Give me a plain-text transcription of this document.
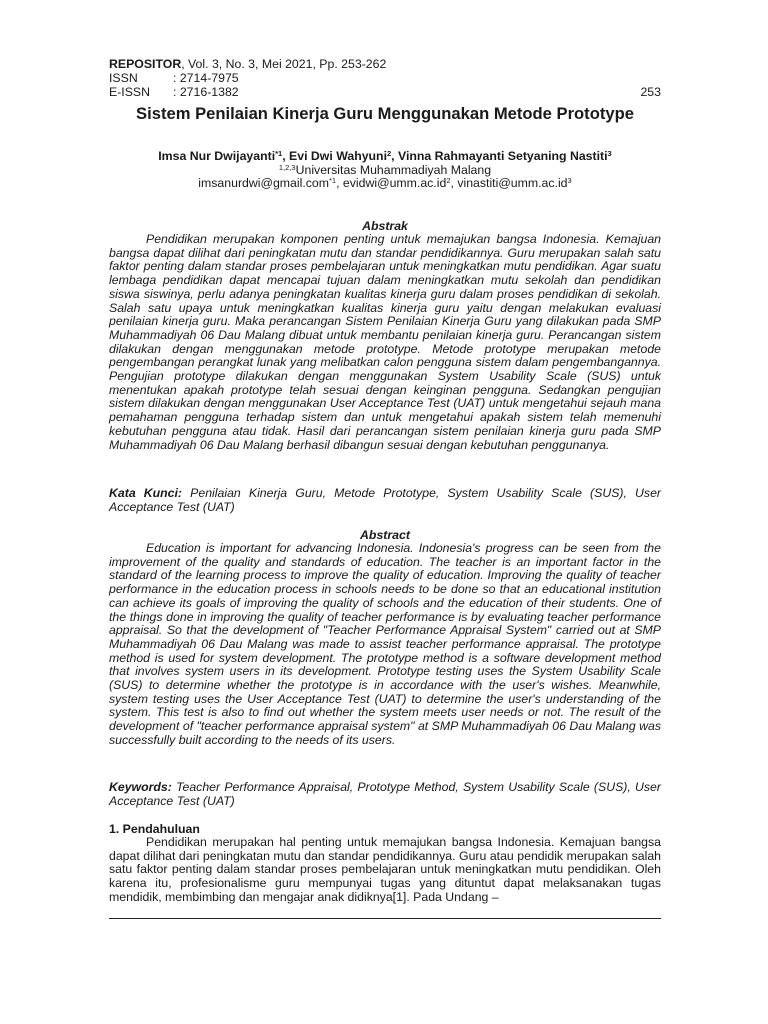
REPOSITOR, Vol. 3, No. 3, Mei 2021, Pp. 253-262
ISSN	: 2714-7975
E-ISSN : 2716-1382	253
Sistem Penilaian Kinerja Guru Menggunakan Metode Prototype
Imsa Nur Dwijayanti$^{*1}$, Evi Dwi Wahyuni$^2$, Vinna Rahmayanti Setyaning Nastiti$^3$
$^{1,2,3}$Universitas Muhammadiyah Malang
imsanurdwi@gmail.com$^{*1}$, $evidwi@umm.ac.id^2$, $vinastiti@umm.ac.id^3$
Abstrak

Pendidikan merupakan komponen penting untuk memajukan bangsa Indonesia. Kemajuan bangsa dapat dilihat dari peningkatan mutu dan standar pendidikannya. Guru merupakan salah satu faktor penting dalam standar proses pembelajaran untuk meningkatkan mutu pendidikan. Agar suatu lembaga pendidikan dapat mencapai tujuan dalam meningkatkan mutu sekolah dan pendidikan siswa siswinya, perlu adanya peningkatan kualitas kinerja guru dalam proses pendidikan di sekolah. Salah satu upaya untuk meningkatkan kualitas kinerja guru yaitu dengan melakukan evaluasi penilaian kinerja guru. Maka perancangan Sistem Penilaian Kinerja Guru yang dilakukan pada SMP Muhammadiyah 06 Dau Malang dibuat untuk membantu penilaian kinerja guru. Perancangan sistem dilakukan dengan menggunakan metode prototype. Metode prototype merupakan metode pengembangan perangkat lunak yang melibatkan calon pengguna sistem dalam pengembangannya. Pengujian prototype dilakukan dengan menggunakan System Usability Scale (SUS) untuk menentukan apakah prototype telah sesuai dengan keinginan pengguna. Sedangkan pengujian sistem dilakukan dengan menggunakan User Acceptance Test (UAT) untuk mengetahui sejauh mana pemahaman pengguna terhadap sistem dan untuk mengetahui apakah sistem telah memenuhi kebutuhan pengguna atau tidak. Hasil dari perancangan sistem penilaian kinerja guru pada SMP Muhammadiyah 06 Dau Malang berhasil dibangun sesuai dengan kebutuhan penggunanya.

Kata Kunci: Penilaian Kinerja Guru, Metode Prototype, System Usability Scale (SUS), User Acceptance Test (UAT)
Abstract

Education is important for advancing Indonesia. Indonesia's progress can be seen from the improvement of the quality and standards of education. The teacher is an important factor in the standard of the learning process to improve the quality of education. Improving the quality of teacher performance in the education process in schools needs to be done so that an educational institution can achieve its goals of improving the quality of schools and the education of their students. One of the things done in improving the quality of teacher performance is by evaluating teacher performance appraisal. So that the development of "Teacher Performance Appraisal System" carried out at SMP Muhammadiyah 06 Dau Malang was made to assist teacher performance appraisal. The prototype method is used for system development. The prototype method is a software development method that involves system users in its development. Prototype testing uses the System Usability Scale (SUS) to determine whether the prototype is in accordance with the user's wishes. Meanwhile, system testing uses the User Acceptance Test (UAT) to determine the user's understanding of the system. This test is also to find out whether the system meets user needs or not. The result of the development of "teacher performance appraisal system" at SMP Muhammadiyah 06 Dau Malang was successfully built according to the needs of its users.

Keywords: Teacher Performance Appraisal, Prototype Method, System Usability Scale (SUS), User Acceptance Test (UAT)
1. Pendahuluan

Pendidikan merupakan hal penting untuk memajukan bangsa Indonesia. Kemajuan bangsa dapat dilihat dari peningkatan mutu dan standar pendidikannya. Guru atau pendidik merupakan salah satu faktor penting dalam standar proses pembelajaran untuk meningkatkan mutu pendidikan. Oleh karena itu, profesionalisme guru mempunyai tugas yang dituntut dapat melaksanakan tugas mendidik, membimbing dan mengajar anak didiknya[1]. Pada Undang –
